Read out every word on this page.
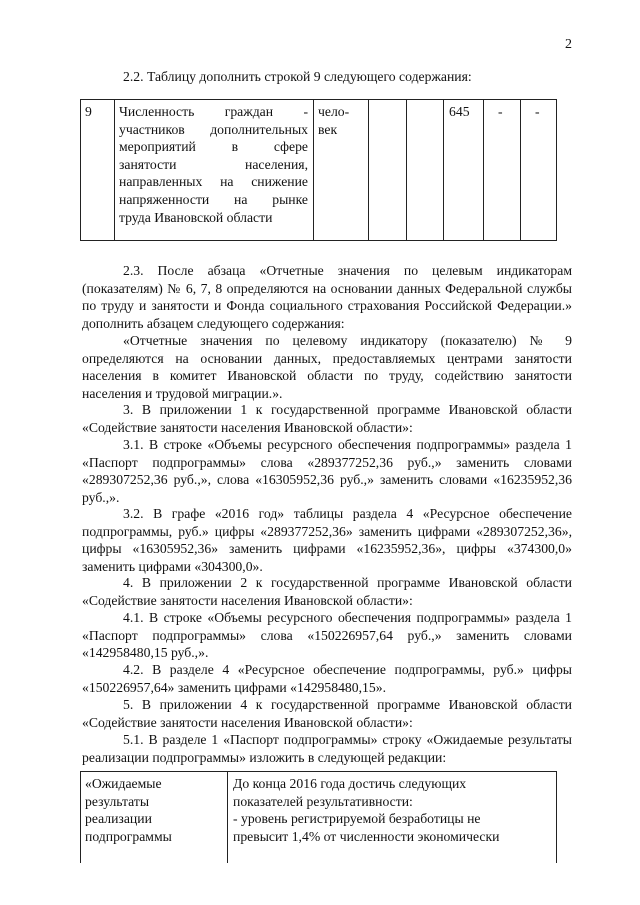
2

2.2. Таблицу дополнить строкой 9 следующего содержания:

9 Численность граждан -
участников дополнительных
мероприятий в сфере
занятости населения,
направленных на снижение
напряженности на рынке
труда Ивановской области
чело-
век
645 - -

2.3. После абзаца «Отчетные значения по целевым индикаторам (показателям) № 6, 7, 8 определяются на основании данных Федеральной службы по труду и занятости и Фонда социального страхования Российской Федерации.» дополнить абзацем следующего содержания:

«Отчетные значения по целевому индикатору (показателю) № 9 определяются на основании данных, предоставляемых центрами занятости населения в комитет Ивановской области по труду, содействию занятости населения и трудовой миграции.».

3. В приложении 1 к государственной программе Ивановской области «Содействие занятости населения Ивановской области»:

3.1. В строке «Объемы ресурсного обеспечения подпрограммы» раздела 1 «Паспорт подпрограммы» слова «289377252,36 руб.,» заменить словами «289307252,36 руб.,», слова «16305952,36 руб.,» заменить словами «16235952,36 руб.,».

3.2. В графе «2016 год» таблицы раздела 4 «Ресурсное обеспечение подпрограммы, руб.» цифры «289377252,36» заменить цифрами «289307252,36», цифры «16305952,36» заменить цифрами «16235952,36», цифры «374300,0» заменить цифрами «304300,0».

4. В приложении 2 к государственной программе Ивановской области «Содействие занятости населения Ивановской области»:

4.1. В строке «Объемы ресурсного обеспечения подпрограммы» раздела 1 «Паспорт подпрограммы» слова «150226957,64 руб.,» заменить словами «142958480,15 руб.,».

4.2. В разделе 4 «Ресурсное обеспечение подпрограммы, руб.» цифры «150226957,64» заменить цифрами «142958480,15».

5. В приложении 4 к государственной программе Ивановской области «Содействие занятости населения Ивановской области»:

5.1. В разделе 1 «Паспорт подпрограммы» строку «Ожидаемые результаты реализации подпрограммы» изложить в следующей редакции:

«Ожидаемые
результаты
реализации
подпрограммы
До конца 2016 года достичь следующих
показателей результативности:
- уровень регистрируемой безработицы не
превысит 1,4% от численности экономически
